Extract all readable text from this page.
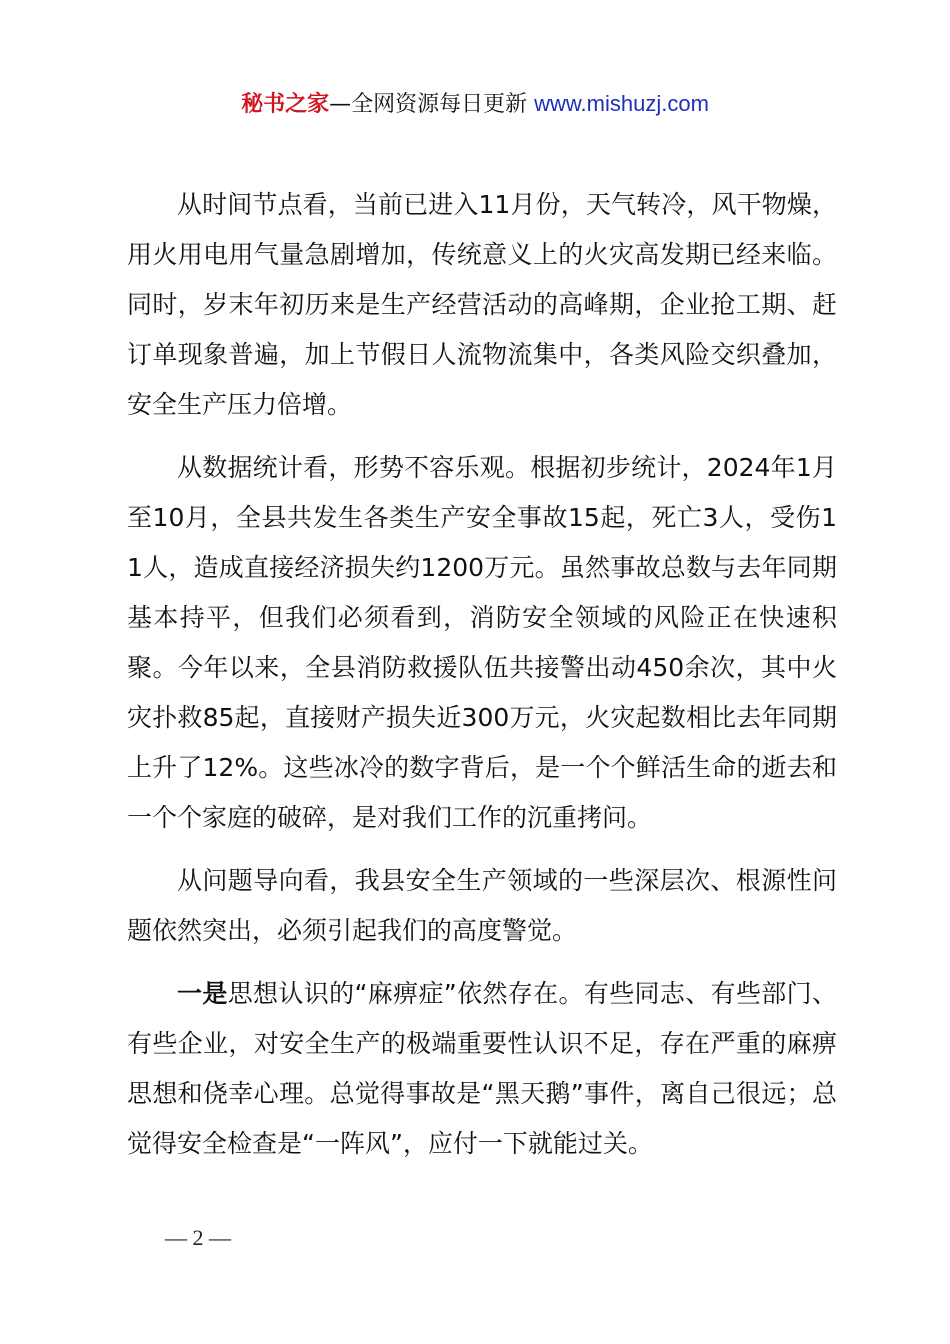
秘书之家—全网资源每日更新 www.mishuzj.com

从时间节点看，当前已进入11月份，天气转冷，风干物燥，用火用电用气量急剧增加，传统意义上的火灾高发期已经来临。同时，岁末年初历来是生产经营活动的高峰期，企业抢工期、赶订单现象普遍，加上节假日人流物流集中，各类风险交织叠加，安全生产压力倍增。

从数据统计看，形势不容乐观。根据初步统计，2024年1月至10月，全县共发生各类生产安全事故15起，死亡3人，受伤11人，造成直接经济损失约1200万元。虽然事故总数与去年同期基本持平，但我们必须看到，消防安全领域的风险正在快速积聚。今年以来，全县消防救援队伍共接警出动450余次，其中火灾扑救85起，直接财产损失近300万元，火灾起数相比去年同期上升了12%。这些冰冷的数字背后，是一个个鲜活生命的逝去和一个个家庭的破碎，是对我们工作的沉重拷问。

从问题导向看，我县安全生产领域的一些深层次、根源性问题依然突出，必须引起我们的高度警觉。

一是思想认识的“麻痹症”依然存在。有些同志、有些部门、有些企业，对安全生产的极端重要性认识不足，存在严重的麻痹思想和侥幸心理。总觉得事故是“黑天鹅”事件，离自己很远；总觉得安全检查是“一阵风”，应付一下就能过关。

— 2 —
